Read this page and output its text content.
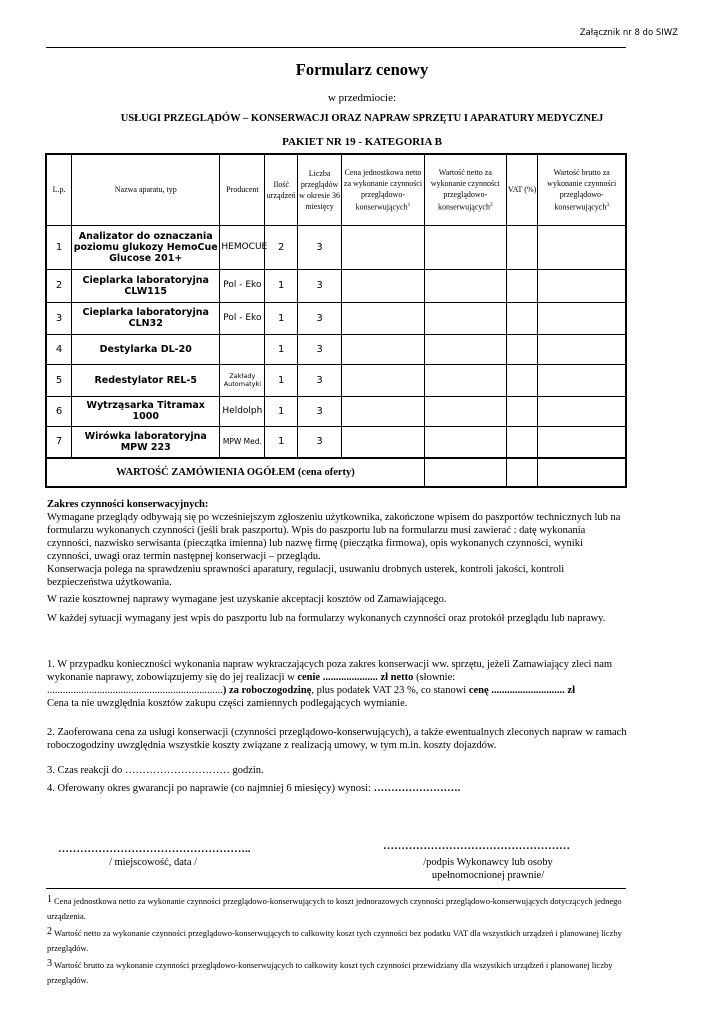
Załącznik nr 8 do SIWZ
Formularz cenowy
w przedmiocie:
USŁUGI PRZEGLĄDÓW – KONSERWACJI ORAZ NAPRAW SPRZĘTU I APARATURY MEDYCZNEJ
PAKIET NR 19 - KATEGORIA B
L.p.	Nazwa aparatu, typ	Producent	Ilość urządzeń	Liczba przeglądów w okresie 36 miesięcy	Cena jednostkowa netto za wykonanie czynności przeglądowo-konserwujących$^1$	Wartość netto za wykonanie czynności przeglądowo-konserwujących$^2$	VAT (%)	Wartość brutto za wykonanie czynności przeglądowo-konserwujących$^3$
1	Analizator do oznaczania poziomu glukozy HemoCue Glucose 201+	HEMOCUE	2	3				
2	Cieplarka laboratoryjna CLW115	Pol - Eko	1	3				
3	Cieplarka laboratoryjna CLN32	Pol - Eko	1	3				
4	Destylarka DL-20		1	3				
5	Redestylator REL-5	Zakłady Automatyki	1	3				
6	Wytrząsarka Titramax 1000	Heldolph	1	3				
7	Wirówka laboratoryjna MPW 223	MPW Med.	1	3				
WARTOŚĆ ZAMÓWIENIA OGÓŁEM (cena oferty)								

Zakres czynności konserwacyjnych:

Wymagane przeglądy odbywają się po wcześniejszym zgłoszeniu użytkownika, zakończone wpisem do paszportów technicznych lub na formularzu wykonanych czynności (jeśli brak paszportu). Wpis do paszportu lub na formularzu musi zawierać : datę wykonania czynności, nazwisko serwisanta (pieczątka imienna) lub nazwę firmę (pieczątka firmowa), opis wykonanych czynności, wyniki czynności, uwagi oraz termin następnej konserwacji – przeglądu.

Konserwacja polega na sprawdzeniu sprawności aparatury, regulacji, usuwaniu drobnych usterek, kontroli jakości, kontroli bezpieczeństwa użytkowania.

W razie kosztownej naprawy wymagane jest uzyskanie akceptacji kosztów od Zamawiającego.

W każdej sytuacji wymagany jest wpis do paszportu lub na formularzy wykonanych czynności oraz protokół przeglądu lub naprawy.

1. W przypadku konieczności wykonania napraw wykraczających poza zakres konserwacji ww. sprzętu, jeżeli Zamawiający zleci nam wykonanie naprawy, zobowiązujemy się do jej realizacji w cenie ..................... zł netto (słownie:
...................................................................) za roboczogodzinę, plus podatek VAT 23 %, co stanowi cenę ............................ zł

Cena ta nie uwzględnia kosztów zakupu części zamiennych podlegających wymianie.

2. Zaoferowana cena za usługi konserwacji (czynności przeglądowo-konserwujących), a także ewentualnych zleconych napraw w ramach roboczogodziny uwzględnia wszystkie koszty związane z realizacją umowy, w tym m.in. koszty dojazdów.
3. Czas reakcji do ………………………… godzin.
4. Oferowany okres gwarancji po naprawie (co najmniej 6 miesięcy) wynosi: …………………….
……………………………………………..
/ miejscowość, data /
……………………………………………
/podpis Wykonawcy lub osoby
upełnomocnionej prawnie/
1 Cena jednostkowa netto za wykonanie czynności przeglądowo-konserwujących to koszt jednorazowych czynności przeglądowo-konserwujących dotyczących jednego urządzenia.
2 Wartość netto za wykonanie czynności przeglądowo-konserwujących to całkowity koszt tych czynności bez podatku VAT dla wszystkich urządzeń i planowanej liczby przeglądów.
3 Wartość brutto za wykonanie czynności przeglądowo-konserwujących to całkowity koszt tych czynności przewidziany dla wszystkich urządzeń i planowanej liczby przeglądów.
